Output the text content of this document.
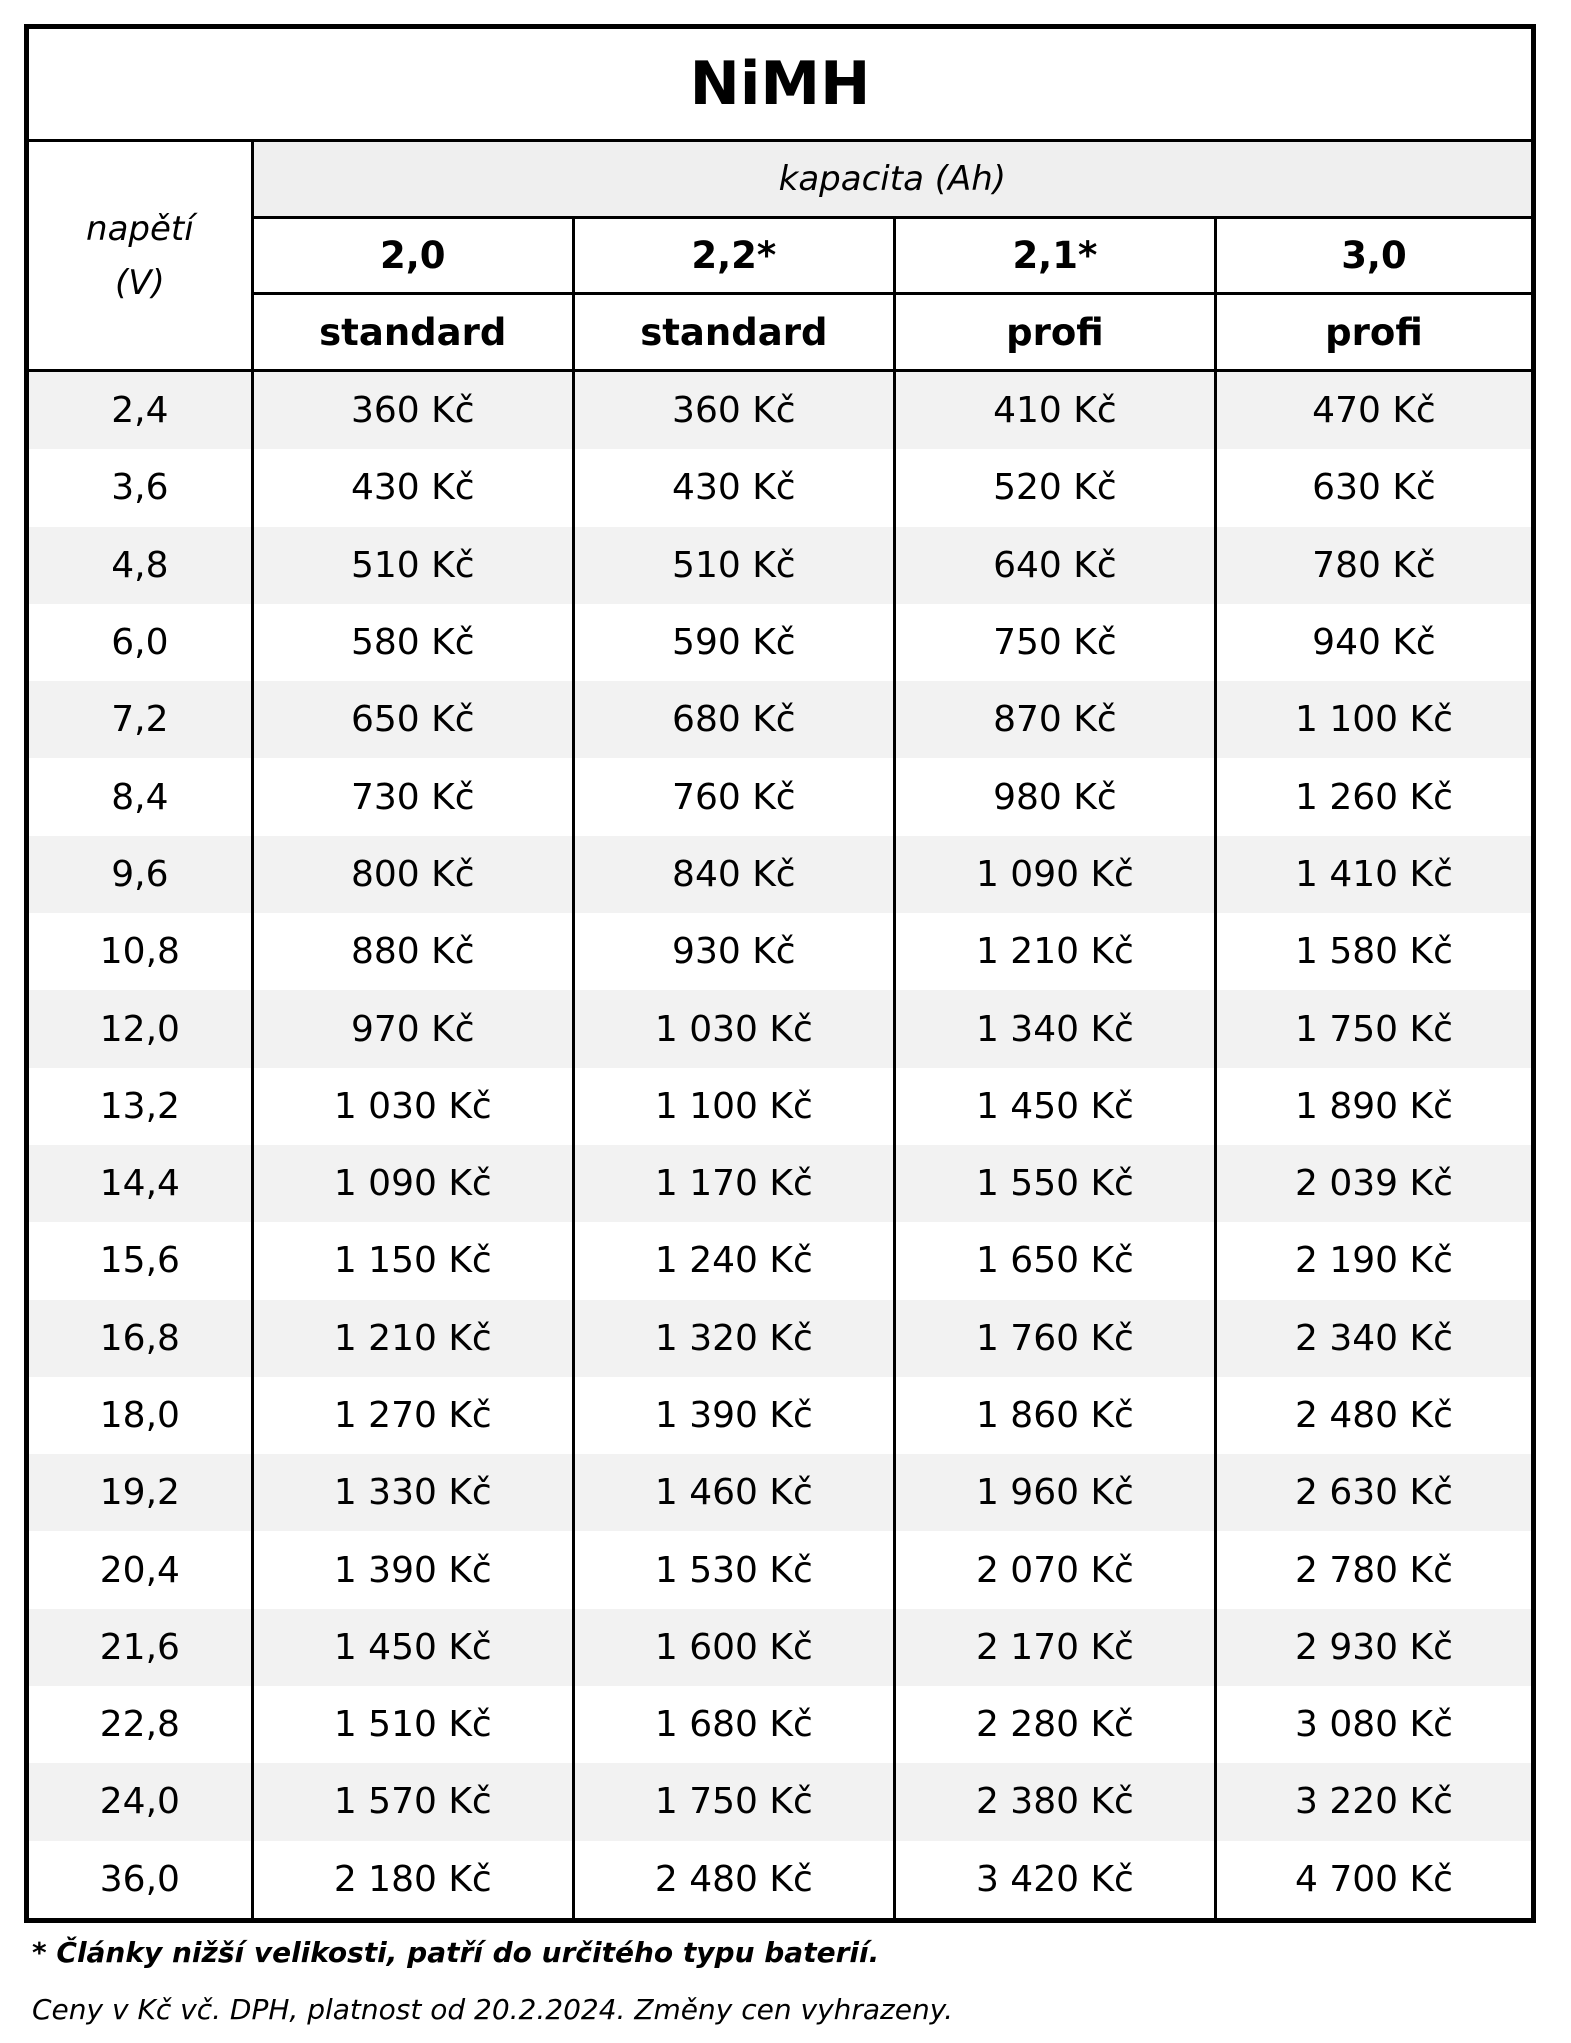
NiMH				

napětí
(V)	kapacita (Ah)			
	2,0	2,2*	2,1*	3,0
	standard	standard	profi	profi
2,4	360 Kč	360 Kč	410 Kč	470 Kč
3,6	430 Kč	430 Kč	520 Kč	630 Kč
4,8	510 Kč	510 Kč	640 Kč	780 Kč
6,0	580 Kč	590 Kč	750 Kč	940 Kč
7,2	650 Kč	680 Kč	870 Kč	1 100 Kč
8,4	730 Kč	760 Kč	980 Kč	1 260 Kč
9,6	800 Kč	840 Kč	1 090 Kč	1 410 Kč
10,8	880 Kč	930 Kč	1 210 Kč	1 580 Kč
12,0	970 Kč	1 030 Kč	1 340 Kč	1 750 Kč
13,2	1 030 Kč	1 100 Kč	1 450 Kč	1 890 Kč
14,4	1 090 Kč	1 170 Kč	1 550 Kč	2 039 Kč
15,6	1 150 Kč	1 240 Kč	1 650 Kč	2 190 Kč
16,8	1 210 Kč	1 320 Kč	1 760 Kč	2 340 Kč
18,0	1 270 Kč	1 390 Kč	1 860 Kč	2 480 Kč
19,2	1 330 Kč	1 460 Kč	1 960 Kč	2 630 Kč
20,4	1 390 Kč	1 530 Kč	2 070 Kč	2 780 Kč
21,6	1 450 Kč	1 600 Kč	2 170 Kč	2 930 Kč
22,8	1 510 Kč	1 680 Kč	2 280 Kč	3 080 Kč
24,0	1 570 Kč	1 750 Kč	2 380 Kč	3 220 Kč
36,0	2 180 Kč	2 480 Kč	3 420 Kč	4 700 Kč
* Články nižší velikosti, patří do určitého typu baterií.
Ceny v Kč vč. DPH, platnost od 20.2.2024. Změny cen vyhrazeny.
